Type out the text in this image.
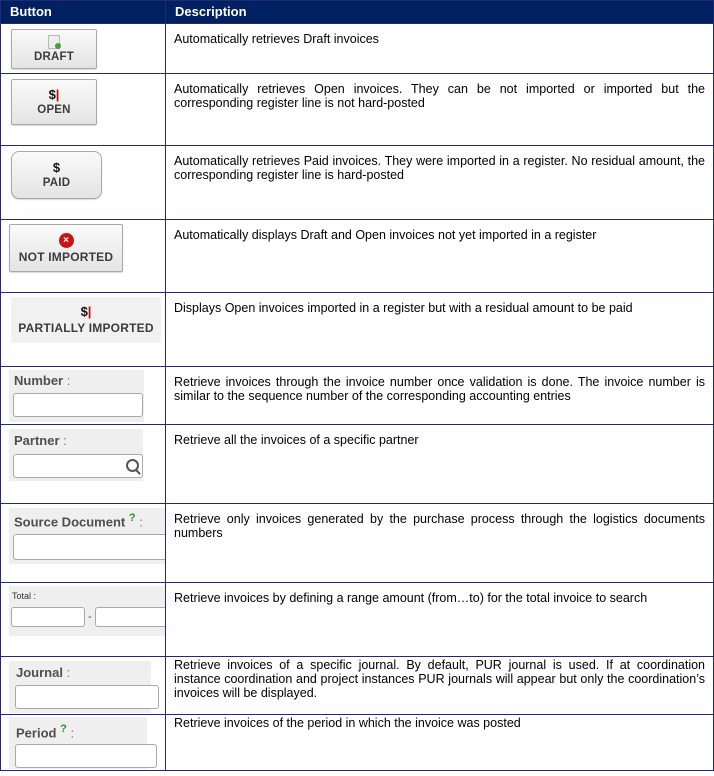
Button	Description

DRAFT	Automatically retrieves Draft invoices

$|
OPEN	Automatically retrieves Open invoices. They can be not imported or imported but the corresponding register line is not hard-posted

$
PAID	Automatically retrieves Paid invoices. They were imported in a register. No residual amount, the corresponding register line is hard-posted

×
NOT IMPORTED	Automatically displays Draft and Open invoices not yet imported in a register

$|
PARTIALLY IMPORTED	Displays Open invoices imported in a register but with a residual amount to be paid

Number :	Retrieve invoices through the invoice number once validation is done. The invoice number is similar to the sequence number of the corresponding accounting entries

Partner :	Retrieve all the invoices of a specific partner

Source Document ? :	Retrieve only invoices generated by the purchase process through the logistics documents numbers

Total :
-	Retrieve invoices by defining a range amount (from…to) for the total invoice to search

Journal :	Retrieve invoices of a specific journal. By default, PUR journal is used. If at coordination instance coordination and project instances PUR journals will appear but only the coordination’s invoices will be displayed.

Period ? :	Retrieve invoices of the period in which the invoice was posted
